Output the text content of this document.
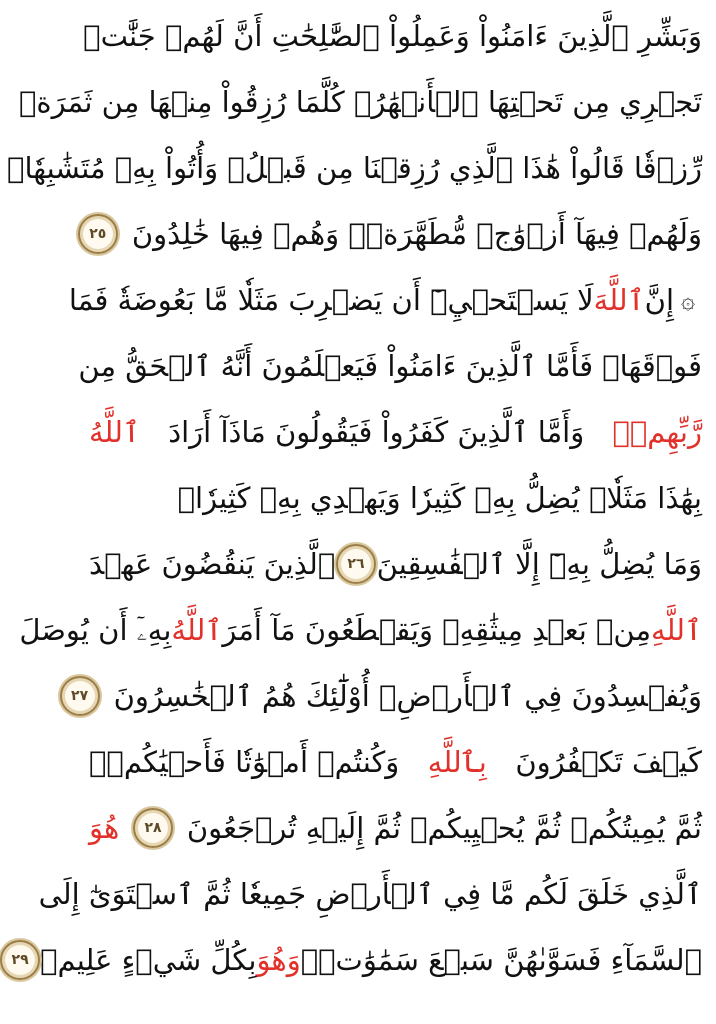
وَبَشِّرِ ٱلَّذِينَ ءَامَنُواْ وَعَمِلُواْ ٱلصَّٰلِحَٰتِ أَنَّ لَهُمۡ جَنَّٰتٖ
تَجۡرِي مِن تَحۡتِهَا ٱلۡأَنۡهَٰرُۖ كُلَّمَا رُزِقُواْ مِنۡهَا مِن ثَمَرَةٖ
رِّزۡقٗا قَالُواْ هَٰذَا ٱلَّذِي رُزِقۡنَا مِن قَبۡلُۖ وَأُتُواْ بِهِۦ مُتَشَٰبِهٗاۖ
وَلَهُمۡ فِيهَآ أَزۡوَٰجٞ مُّطَهَّرَةٞۖ وَهُمۡ فِيهَا خَٰلِدُونَ
٢٥
۞
إِنَّ
ٱللَّهَ
لَا يَسۡتَحۡيِۦٓ أَن يَضۡرِبَ مَثَلٗا مَّا بَعُوضَةٗ فَمَا
فَوۡقَهَاۚ فَأَمَّا ٱلَّذِينَ ءَامَنُواْ فَيَعۡلَمُونَ أَنَّهُ ٱلۡحَقُّ مِن
رَّبِّهِمۡۖ
وَأَمَّا ٱلَّذِينَ كَفَرُواْ فَيَقُولُونَ مَاذَآ أَرَادَ
ٱللَّهُ
بِهَٰذَا مَثَلٗاۘ يُضِلُّ بِهِۦ كَثِيرٗا وَيَهۡدِي بِهِۦ كَثِيرٗاۚ
وَمَا يُضِلُّ بِهِۦٓ إِلَّا ٱلۡفَٰسِقِينَ
٢٦
ٱلَّذِينَ يَنقُضُونَ عَهۡدَ
ٱللَّهِ
مِنۢ بَعۡدِ مِيثَٰقِهِۦ وَيَقۡطَعُونَ مَآ أَمَرَ
ٱللَّهُ
بِهِۦٓ أَن يُوصَلَ
وَيُفۡسِدُونَ فِي ٱلۡأَرۡضِۚ أُوْلَٰٓئِكَ هُمُ ٱلۡخَٰسِرُونَ
٢٧
كَيۡفَ تَكۡفُرُونَ
بِٱللَّهِ
وَكُنتُمۡ أَمۡوَٰتٗا فَأَحۡيَٰكُمۡۖ
ثُمَّ يُمِيتُكُمۡ ثُمَّ يُحۡيِيكُمۡ ثُمَّ إِلَيۡهِ تُرۡجَعُونَ
٢٨
هُوَ
ٱلَّذِي خَلَقَ لَكُم مَّا فِي ٱلۡأَرۡضِ جَمِيعٗا ثُمَّ ٱسۡتَوَىٰٓ إِلَى
ٱلسَّمَآءِ فَسَوَّىٰهُنَّ سَبۡعَ سَمَٰوَٰتٖۚ
وَهُوَ
بِكُلِّ شَيۡءٍ عَلِيمٞ
٢٩
